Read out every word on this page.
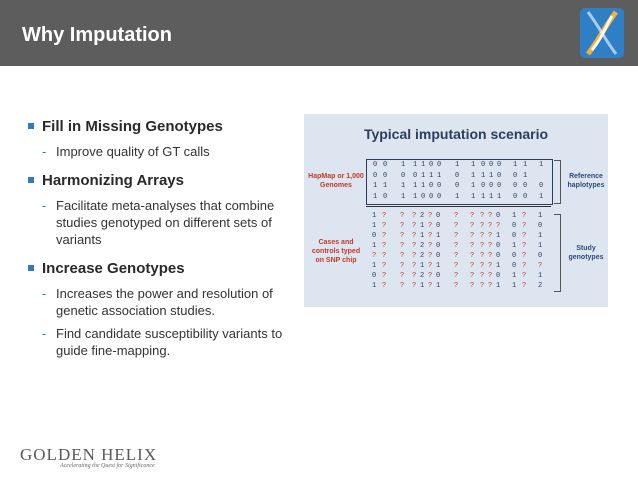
Why Imputation
Fill in Missing Genotypes
- Improve quality of GT calls
Harmonizing Arrays
- Facilitate meta-analyses that combine studies genotyped on different sets of variants
Increase Genotypes
- Increases the power and resolution of genetic association studies.
- Find candidate susceptibility variants to guide fine-mapping.
Typical imputation scenario
HapMap or 1,000 Genomes
Cases and controls typed on SNP chip
Reference haplotypes
Study genotypes
0 0 1 1 1 0 0 1 1 0 0 0 1 1 1
0 0 0 0 1 1 1 0 1 1 1 0 0 1
1 1 1 1 1 0 0 0 1 0 0 0 0 0 0
1 0 1 1 0 0 0 1 1 1 1 1 0 0 1
1 ? ? ? 2 ? 0 ? ? ? ? 0 1 ? 1
1 ? ? ? 1 ? 0 ? ? ? ? ? 0 ? 0
0 ? ? ? 1 ? 1 ? ? ? ? 1 0 ? 1
1 ? ? ? 2 ? 0 ? ? ? ? 0 1 ? 1
? ? ? ? 2 ? 0 ? ? ? ? 0 0 ? 0
1 ? ? ? 1 ? 1 ? ? ? ? 1 0 ? ?
0 ? ? ? 2 ? 0 ? ? ? ? 0 1 ? 1
1 ? ? ? 1 ? 1 ? ? ? ? 1 1 ? 2
GOLDEN HELIX
Accelerating the Quest for Significance
